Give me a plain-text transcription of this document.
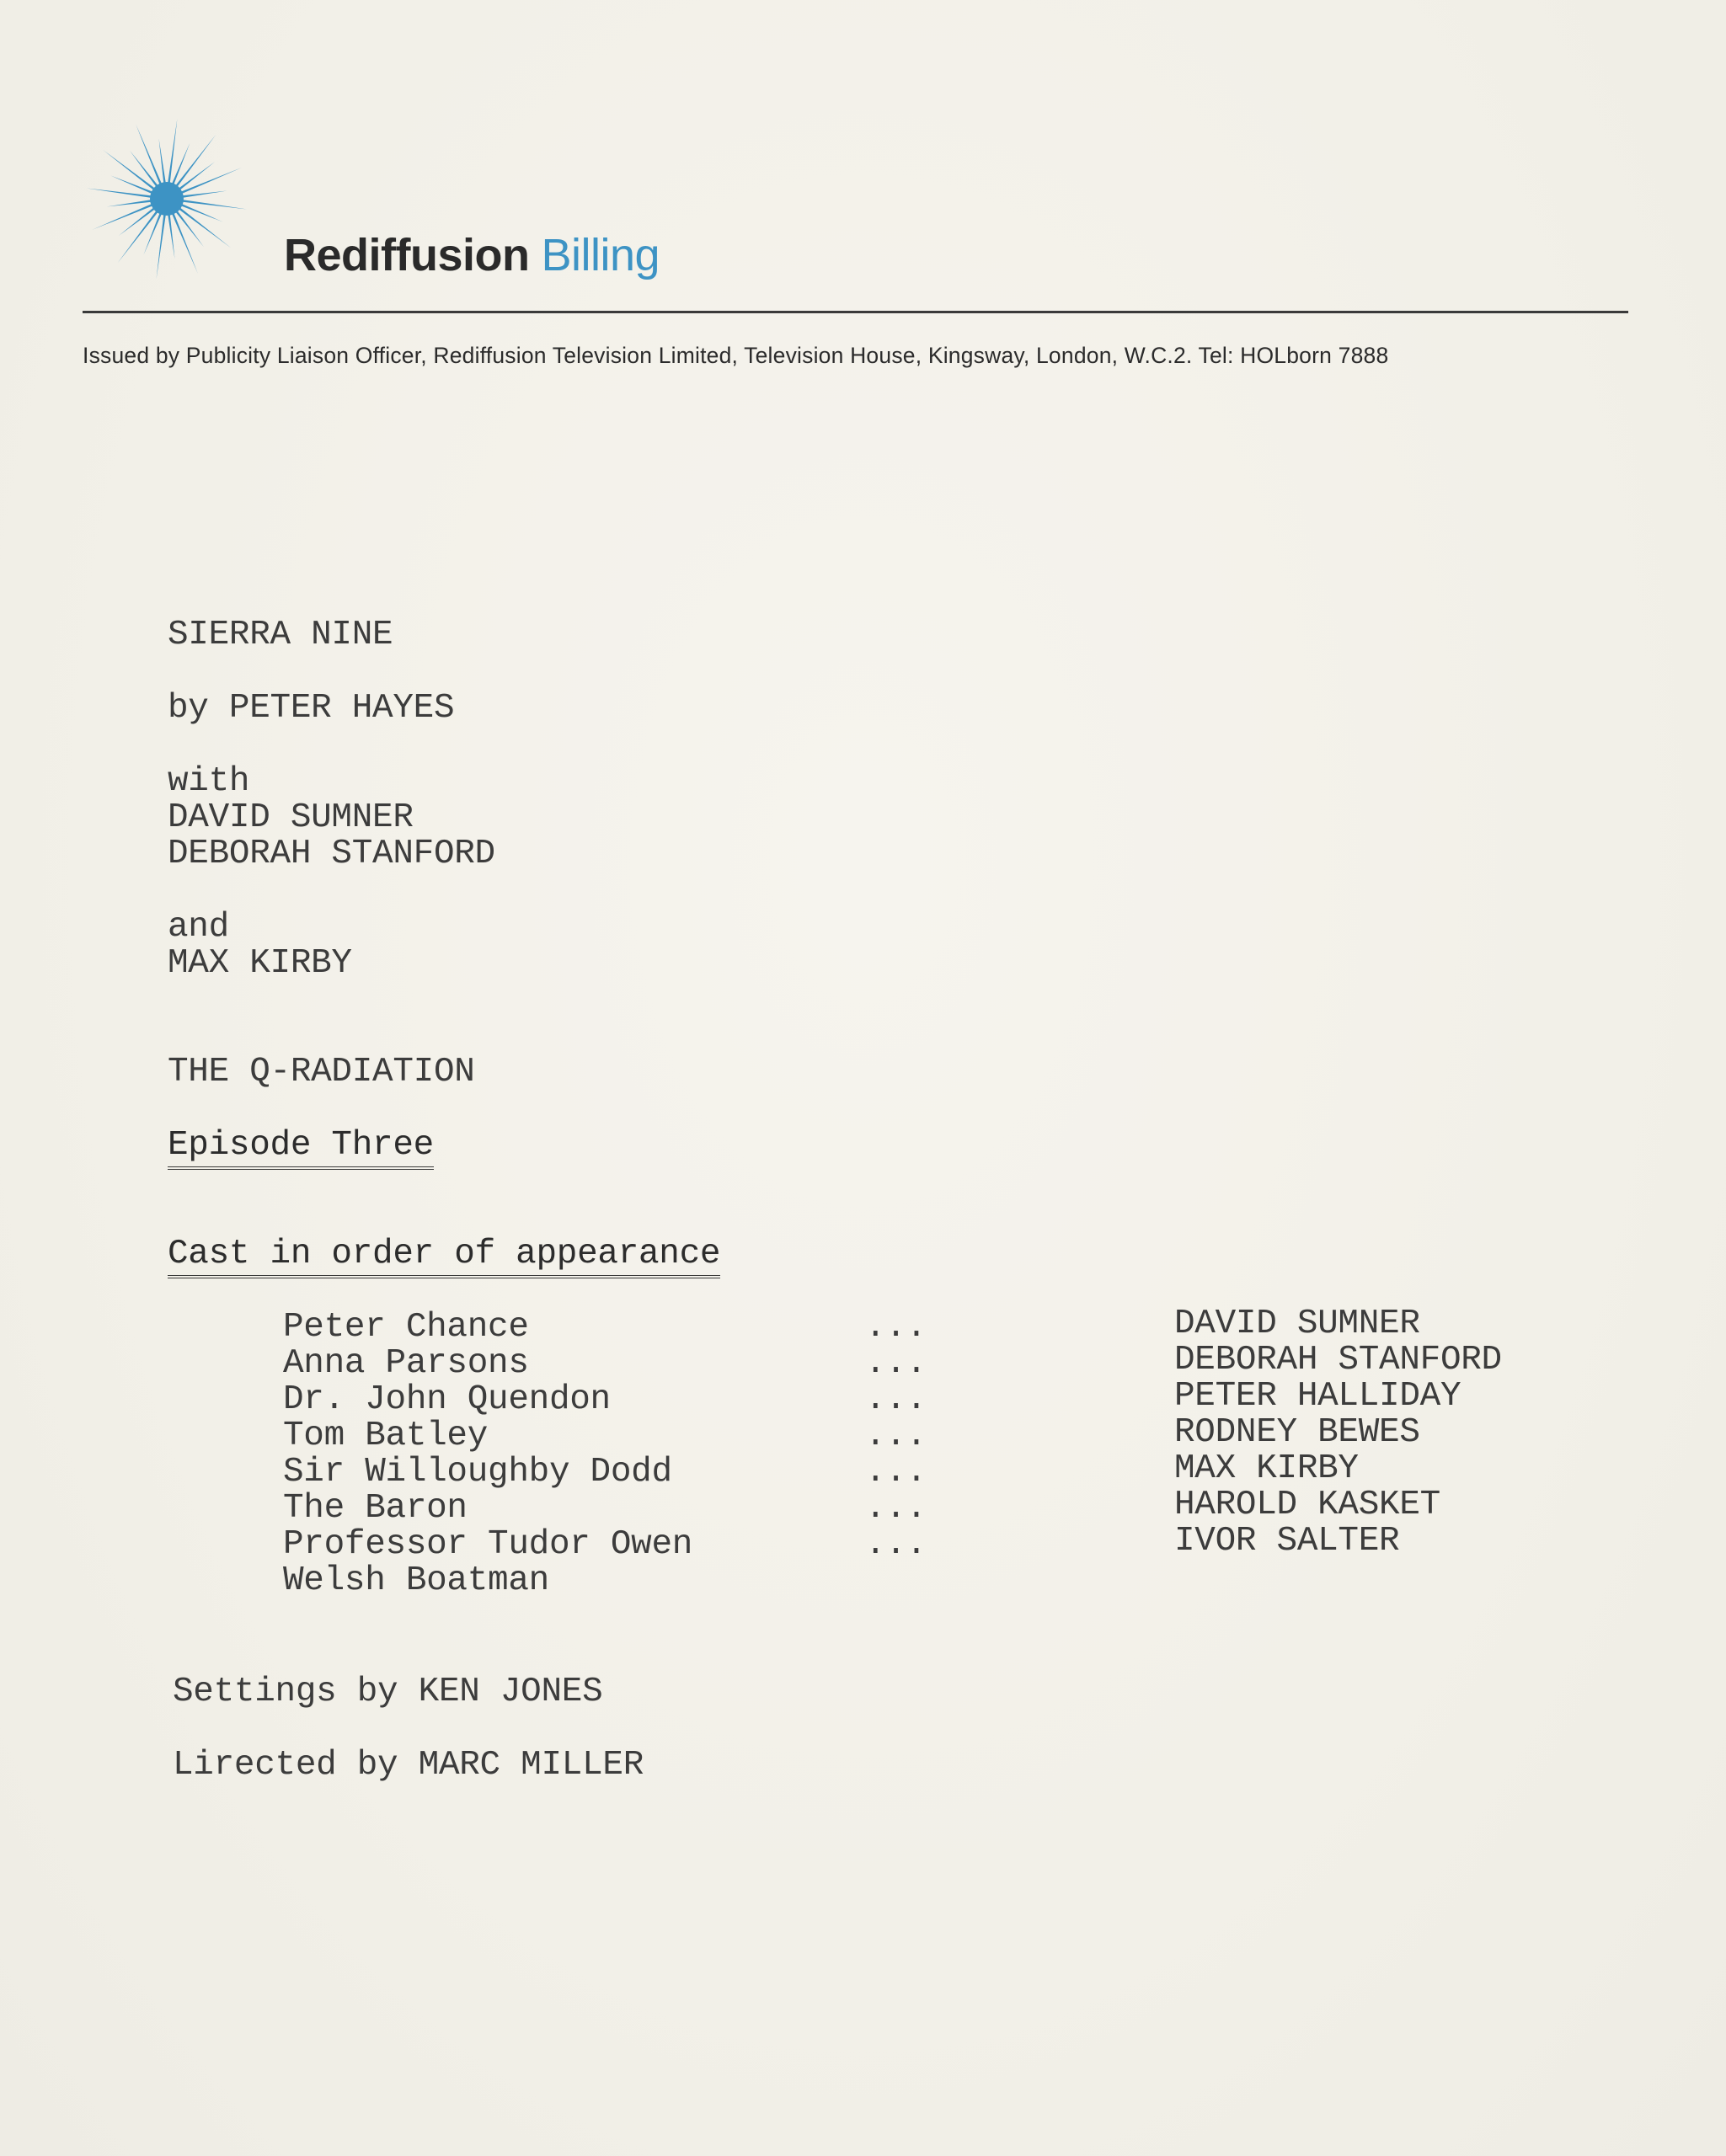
Rediffusion Billing
Issued by Publicity Liaison Officer, Rediffusion Television Limited, Television House, Kingsway, London, W.C.2. Tel: HOLborn 7888
SIERRA NINE
by PETER HAYES
with
DAVID SUMNER
DEBORAH STANFORD
and
MAX KIRBY
THE Q-RADIATION
Episode Three
Cast in order of appearance
Peter Chance	...	DAVID SUMNER
Anna Parsons	...	DEBORAH STANFORD
Dr. John Quendon	...	PETER HALLIDAY
Tom Batley	...	RODNEY BEWES
Sir Willoughby Dodd	...	MAX KIRBY
The Baron	...	HAROLD KASKET
Professor Tudor Owen	...	IVOR SALTER
Welsh Boatman
Settings by KEN JONES
Lirected by MARC MILLER
